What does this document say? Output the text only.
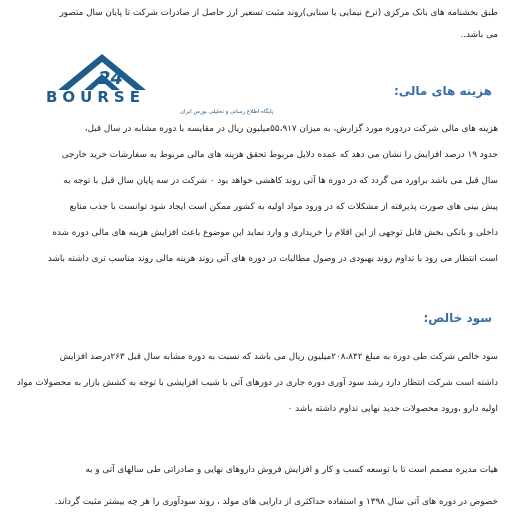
طبق بخشنامه های بانک مرکزی (نرخ نیمایی یا سنایی)روند مثبت تسعیر ارز حاصل از صادرات شرکت تا پایان سال متصور
می باشد..
24
BOURSE
پایگاه اطلاع رسانی و تحلیلی بورس ایران
هزینه های مالی:
هزینه های مالی شرکت دردوره مورد گزارش، به میزان ۵۵،۹۱۷میلیون ریال در مقایسه با دوره مشابه در سال قبل،
حدود ۱۹ درصد افزایش را نشان می دهد که عمده دلایل مربوط تحقق هزینه های مالی مربوط به سفارشات خرید خارجی
سال قبل می باشد براورد می گردد که در دوره ها آتی روند کاهشی خواهد بود ۰ شرکت در سه پایان سال قبل با توجه به
پیش بینی های صورت پذیرفته از مشکلات که در ورود مواد اولیه به کشور ممکن است ایجاد شود توانست با جذب منابع
داخلی و بانکی بخش قابل توجهی از این اقلام را خریداری و وارد نماید این موضوع باعث افزایش هزینه های مالی دوره شده
است انتظار می رود با تداوم روند بهبودی در وصول مطالبات در دوره های آتی روند هزینه مالی روند مناسب تری داشته باشد
سود خالص:
سود خالص شرکت طی دوره به مبلغ ۲۰۸،۸۴۲میلیون ریال می باشد که نسبت به دوره مشابه سال قبل ۲۶۳درصد افزایش
داشته است شرکت انتظار دارد رشد سود آوری دوره جاری در دورهای آتی با شیب افزایشی با توجه به کشش بازار به محصولات مواد
اولیه دارو ،ورود محصولات جدید نهایی تداوم داشته باشد ۰
هیات مدیره مصمم است تا با توسعه کسب و کار و افزایش فروش داروهای نهایی و صادراتی طی سالهای آتی و به
خصوص در دوره های آتی سال ۱۳۹۸ و استفاده حداکثری از دارایی های مولد ، روند سودآوری را هر چه بیشتر مثبت گرداند.
